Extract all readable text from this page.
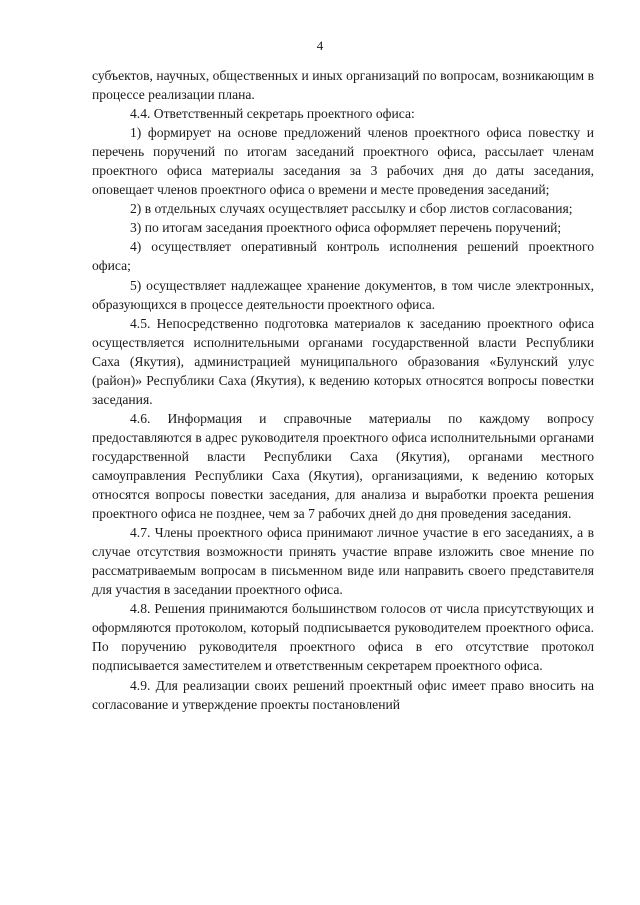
4

субъектов, научных, общественных и иных организаций по вопросам, возникающим в процессе реализации плана.

4.4. Ответственный секретарь проектного офиса:

1) формирует на основе предложений членов проектного офиса повестку и перечень поручений по итогам заседаний проектного офиса, рассылает членам проектного офиса материалы заседания за 3 рабочих дня до даты заседания, оповещает членов проектного офиса о времени и месте проведения заседаний;

2) в отдельных случаях осуществляет рассылку и сбор листов согласования;

3) по итогам заседания проектного офиса оформляет перечень поручений;

4) осуществляет оперативный контроль исполнения решений проектного офиса;

5) осуществляет надлежащее хранение документов, в том числе электронных, образующихся в процессе деятельности проектного офиса.

4.5. Непосредственно подготовка материалов к заседанию проектного офиса осуществляется исполнительными органами государственной власти Республики Саха (Якутия), администрацией муниципального образования «Булунский улус (район)» Республики Саха (Якутия), к ведению которых относятся вопросы повестки заседания.

4.6. Информация и справочные материалы по каждому вопросу предоставляются в адрес руководителя проектного офиса исполнительными органами государственной власти Республики Саха (Якутия), органами местного самоуправления Республики Саха (Якутия), организациями, к ведению которых относятся вопросы повестки заседания, для анализа и выработки проекта решения проектного офиса не позднее, чем за 7 рабочих дней до дня проведения заседания.

4.7. Члены проектного офиса принимают личное участие в его заседаниях, а в случае отсутствия возможности принять участие вправе изложить свое мнение по рассматриваемым вопросам в письменном виде или направить своего представителя для участия в заседании проектного офиса.

4.8. Решения принимаются большинством голосов от числа присутствующих и оформляются протоколом, который подписывается руководителем проектного офиса. По поручению руководителя проектного офиса в его отсутствие протокол подписывается заместителем и ответственным секретарем проектного офиса.

4.9. Для реализации своих решений проектный офис имеет право вносить на согласование и утверждение проекты постановлений
